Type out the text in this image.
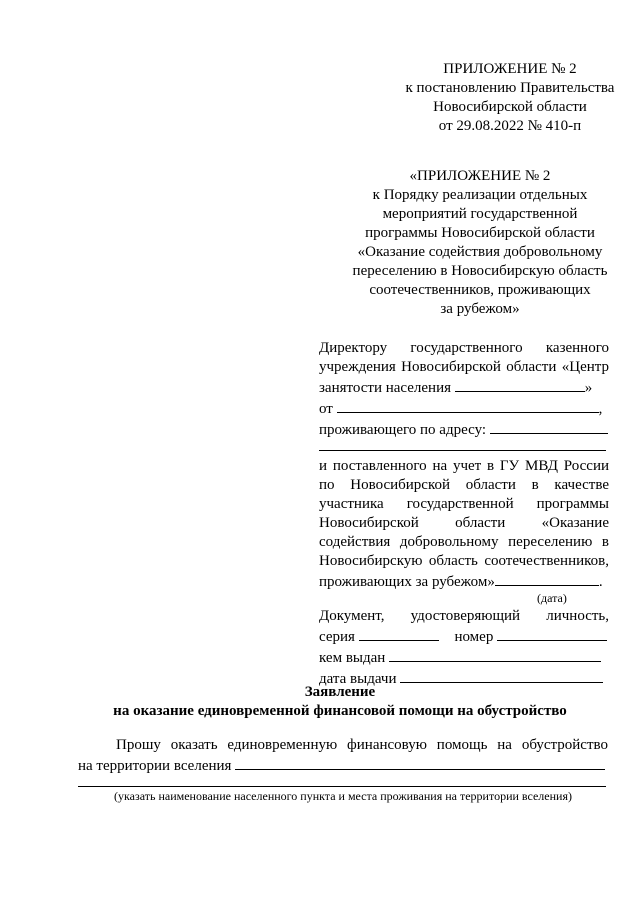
ПРИЛОЖЕНИЕ № 2
к постановлению Правительства
Новосибирской области
от 29.08.2022 № 410-п
«ПРИЛОЖЕНИЕ № 2
к Порядку реализации отдельных
мероприятий государственной
программы Новосибирской области
«Оказание содействия добровольному
переселению в Новосибирскую область
соотечественников, проживающих
за рубежом»
Директору государственного казенного
учреждения Новосибирской области «Центр
занятости населения	»
от	,
проживающего по адресу:
и поставленного на учет в ГУ МВД России
по Новосибирской области в качестве
участника государственной программы
Новосибирской области «Оказание
содействия добровольному переселению в
Новосибирскую область соотечественников,
проживающих за рубежом»	.
(дата)
Документ, удостоверяющий личность,
серия	номер
кем выдан
дата выдачи
Заявление
на оказание единовременной финансовой помощи на обустройство
Прошу оказать единовременную финансовую помощь на обустройство
на территории вселения
(указать наименование населенного пункта и места проживания на территории вселения)
